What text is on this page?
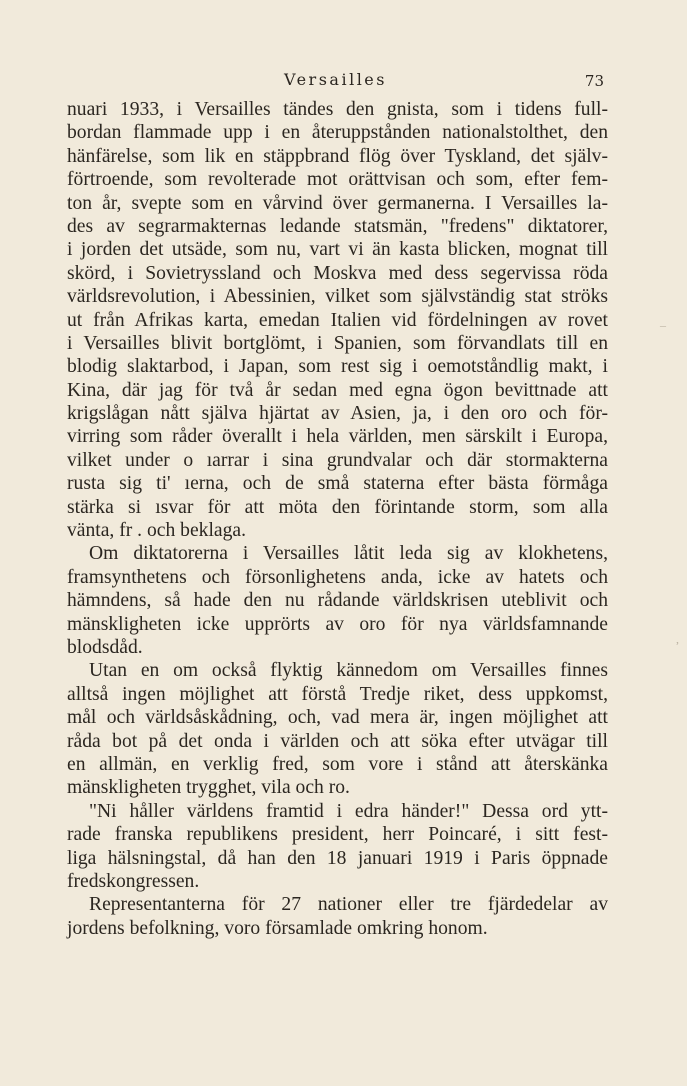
Versailles	73
nuari 1933, i Versailles tändes den gnista, som i tidens full-
bordan flammade upp i en återuppstånden nationalstolthet, den
hänfärelse, som lik en stäppbrand flög över Tyskland, det själv-
förtroende, som revolterade mot orättvisan och som, efter fem-
ton år, svepte som en vårvind över germanerna. I Versailles la-
des av segrarmakternas ledande statsmän, "fredens" diktatorer,
i jorden det utsäde, som nu, vart vi än kasta blicken, mognat till
skörd, i Sovietryssland och Moskva med dess segervissa röda
världsrevolution, i Abessinien, vilket som självständig stat ströks
ut från Afrikas karta, emedan Italien vid fördelningen av rovet
i Versailles blivit bortglömt, i Spanien, som förvandlats till en
blodig slaktarbod, i Japan, som rest sig i oemotståndlig makt, i
Kina, där jag för två år sedan med egna ögon bevittnade att
krigslågan nått själva hjärtat av Asien, ja, i den oro och för-
virring som råder överallt i hela världen, men särskilt i Europa,
vilket under o ıarrar i sina grundvalar och där stormakterna
rusta sig ti' ıerna, och de små staterna efter bästa förmåga
stärka si ısvar för att möta den förintande storm, som alla
vänta, fr . och beklaga.
Om diktatorerna i Versailles låtit leda sig av klokhetens,
framsynthetens och försonlighetens anda, icke av hatets och
hämndens, så hade den nu rådande världskrisen uteblivit och
mänskligheten icke upprörts av oro för nya världsfamnande
blodsdåd.
Utan en om också flyktig kännedom om Versailles finnes
alltså ingen möjlighet att förstå Tredje riket, dess uppkomst,
mål och världsåskådning, och, vad mera är, ingen möjlighet att
råda bot på det onda i världen och att söka efter utvägar till
en allmän, en verklig fred, som vore i stånd att återskänka
mänskligheten trygghet, vila och ro.
"Ni håller världens framtid i edra händer!" Dessa ord ytt-
rade franska republikens president, herr Poincaré, i sitt fest-
liga hälsningstal, då han den 18 januari 1919 i Paris öppnade
fredskongressen.
Representanterna för 27 nationer eller tre fjärdedelar av
jordens befolkning, voro församlade omkring honom.
–
,
